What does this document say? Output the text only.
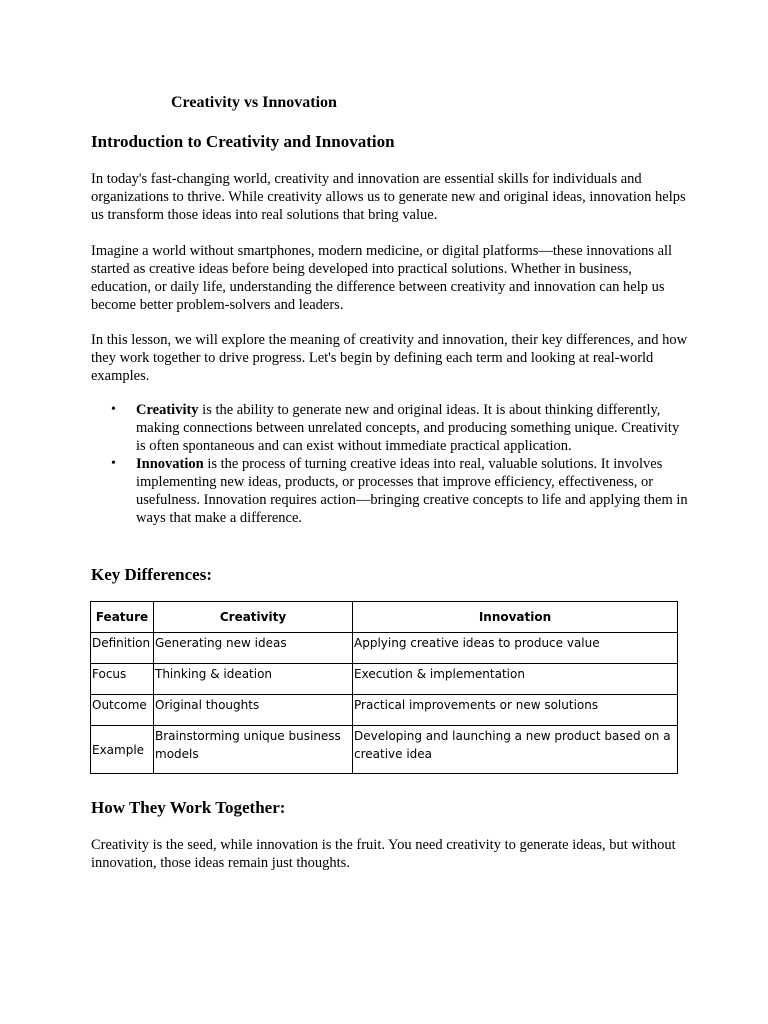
Creativity vs Innovation
Introduction to Creativity and Innovation
In today's fast-changing world, creativity and innovation are essential skills for individuals and organizations to thrive. While creativity allows us to generate new and original ideas, innovation helps us transform those ideas into real solutions that bring value.
Imagine a world without smartphones, modern medicine, or digital platforms—these innovations all started as creative ideas before being developed into practical solutions. Whether in business, education, or daily life, understanding the difference between creativity and innovation can help us become better problem-solvers and leaders.
In this lesson, we will explore the meaning of creativity and innovation, their key differences, and how they work together to drive progress. Let's begin by defining each term and looking at real-world examples.
• Creativity is the ability to generate new and original ideas. It is about thinking differently, making connections between unrelated concepts, and producing something unique. Creativity is often spontaneous and can exist without immediate practical application.
• Innovation is the process of turning creative ideas into real, valuable solutions. It involves implementing new ideas, products, or processes that improve efficiency, effectiveness, or usefulness. Innovation requires action—bringing creative concepts to life and applying them in ways that make a difference.
Key Differences:
Feature	Creativity	Innovation
Definition	Generating new ideas	Applying creative ideas to produce value
Focus	Thinking & ideation	Execution & implementation
Outcome	Original thoughts	Practical improvements or new solutions
Example	Brainstorming unique business models	Developing and launching a new product based on a creative idea
How They Work Together:
Creativity is the seed, while innovation is the fruit. You need creativity to generate ideas, but without innovation, those ideas remain just thoughts.
